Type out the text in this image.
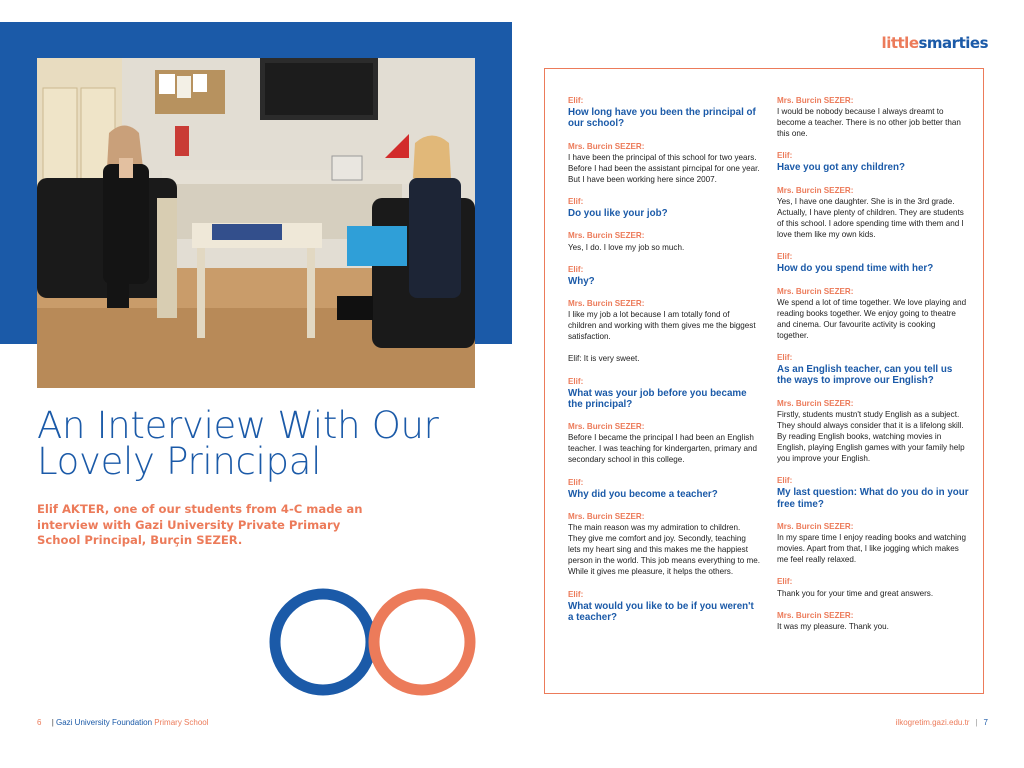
An Interview With Our
Lovely Principal

Elif AKTER, one of our students from 4-C made an interview with Gazi University Private Primary School Principal, Burçin SEZER.

6 | Gazi University Foundation Primary School	ilkogretim.gazi.edu.tr | 7
littlesmarties
Elif:
How long have you been the principal of our school?
Mrs. Burcin SEZER:
I have been the principal of this school for two years. Before I had been the assistant pirncipal for one year. But I have been working here since 2007.
Elif:
Do you like your job?
Mrs. Burcin SEZER:
Yes, I do. I love my job so much.
Elif:
Why?
Mrs. Burcin SEZER:
I like my job a lot because I am totally fond of children and working with them gives me the biggest satisfaction.
Elif: It is very sweet.
Elif:
What was your job before you became the principal?
Mrs. Burcin SEZER:
Before I became the principal I had been an English teacher. I was teaching for kindergarten, primary and secondary school in this college.
Elif:
Why did you become a teacher?
Mrs. Burcin SEZER:
The main reason was my admiration to children. They give me comfort and joy. Secondly, teaching lets my heart sing and this makes me the happiest person in the world. This job means everything to me. While it gives me pleasure, it helps the others.
Elif:
What would you like to be if you weren't a teacher?
Mrs. Burcin SEZER:
I would be nobody because I always dreamt to become a teacher. There is no other job better than this one.
Elif:
Have you got any children?
Mrs. Burcin SEZER:
Yes, I have one daughter. She is in the 3rd grade. Actually, I have plenty of children. They are students of this school. I adore spending time with them and I love them like my own kids.
Elif:
How do you spend time with her?
Mrs. Burcin SEZER:
We spend a lot of time together. We love playing and reading books together. We enjoy going to theatre and cinema. Our favourite activity is cooking together.
Elif:
As an English teacher, can you tell us the ways to improve our English?
Mrs. Burcin SEZER:
Firstly, students mustn't study English as a subject. They should always consider that it is a lifelong skill. By reading English books, watching movies in English, playing English games with your family help you improve your English.
Elif:
My last question: What do you do in your free time?
Mrs. Burcin SEZER:
In my spare time I enjoy reading books and watching movies. Apart from that, I like jogging which makes me feel really relaxed.
Elif:
Thank you for your time and great answers.
Mrs. Burcin SEZER:
It was my pleasure. Thank you.
